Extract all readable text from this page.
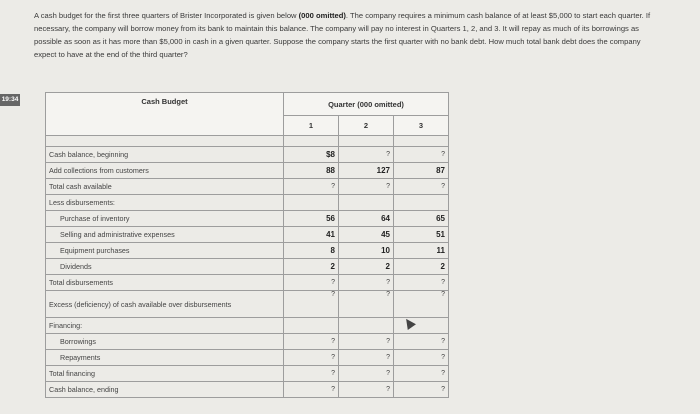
A cash budget for the first three quarters of Brister Incorporated is given below (000 omitted). The company requires a minimum cash balance of at least $5,000 to start each quarter. If necessary, the company will borrow money from its bank to maintain this balance. The company will pay no interest in Quarters 1, 2, and 3. It will repay as much of its borrowings as possible as soon as it has more than $5,000 in cash in a given quarter. Suppose the company starts the first quarter with no bank debt. How much total bank debt does the company expect to have at the end of the third quarter?
19:34	Cash Budget	Quarter (000 omitted)		
	1	2	3

Cash balance, beginning	$8	?	?
Add collections from customers	88	127	87
Total cash available	?	?	?
Less disbursements:			
Purchase of inventory	56	64	65
Selling and administrative expenses	41	45	51
Equipment purchases	8	10	11
Dividends	2	2	2
Total disbursements	?	?	?
Excess (deficiency) of cash available over disbursements	?	?	?
Financing:			
Borrowings	?	?	?
Repayments	?	?	?
Total financing	?	?	?
Cash balance, ending	?	?	?
